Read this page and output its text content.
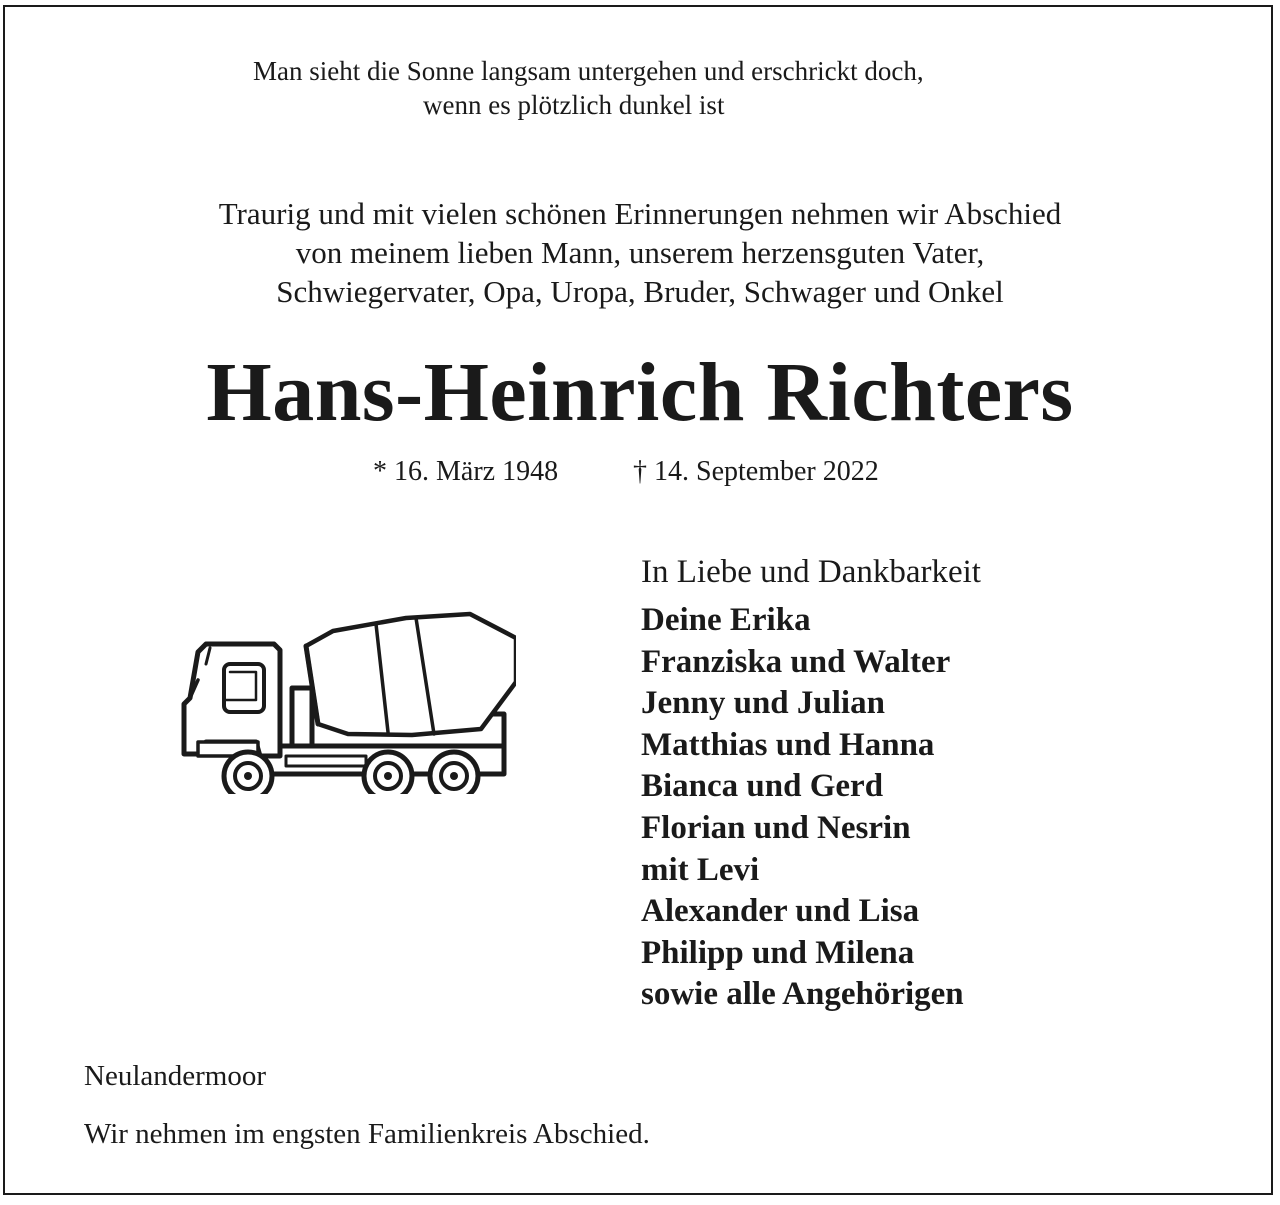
Man sieht die Sonne langsam untergehen und erschrickt doch,
wenn es plötzlich dunkel ist
Traurig und mit vielen schönen Erinnerungen nehmen wir Abschied
von meinem lieben Mann, unserem herzensguten Vater,
Schwiegervater, Opa, Uropa, Bruder, Schwager und Onkel
Hans-Heinrich Richters
* 16. März 1948	† 14. September 2022
In Liebe und Dankbarkeit
Deine Erika
Franziska und Walter
Jenny und Julian
Matthias und Hanna
Bianca und Gerd
Florian und Nesrin
mit Levi
Alexander und Lisa
Philipp und Milena
sowie alle Angehörigen
Neulandermoor
Wir nehmen im engsten Familienkreis Abschied.
